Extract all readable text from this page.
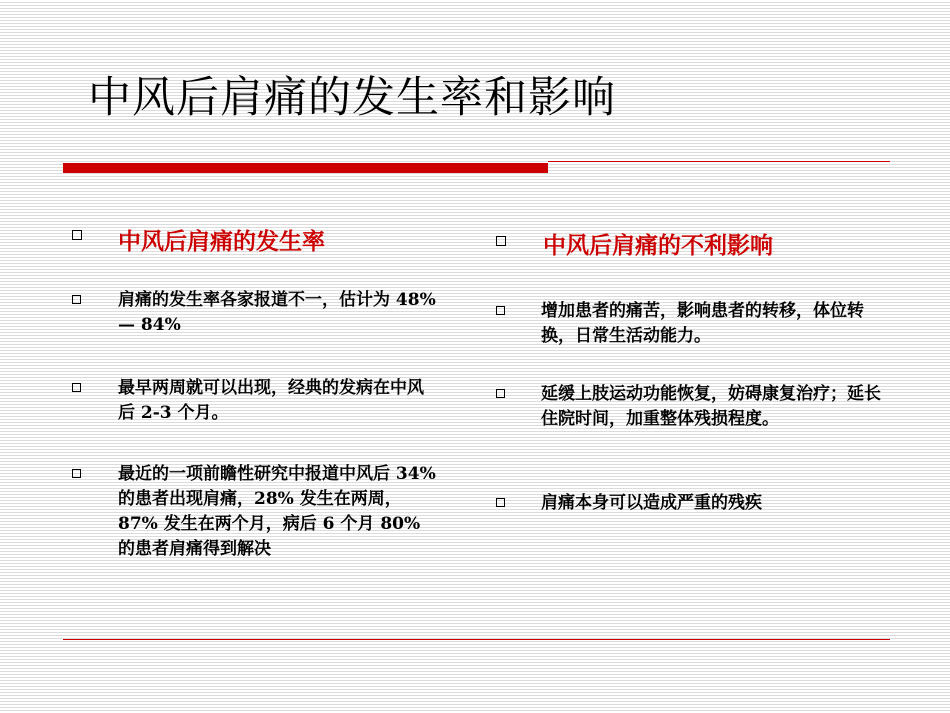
中风后肩痛的发生率和影响
中风后肩痛的发生率

肩痛的发生率各家报道不一，估计为 48% — 84%

最早两周就可以出现，经典的发病在中风后 2-3 个月。

最近的一项前瞻性研究中报道中风后 34% 的患者出现肩痛，28% 发生在两周，87% 发生在两个月，病后 6 个月 80% 的患者肩痛得到解决

中风后肩痛的不利影响

增加患者的痛苦，影响患者的转移，体位转换，日常生活动能力。

延缓上肢运动功能恢复，妨碍康复治疗；延长住院时间，加重整体残损程度。

肩痛本身可以造成严重的残疾
